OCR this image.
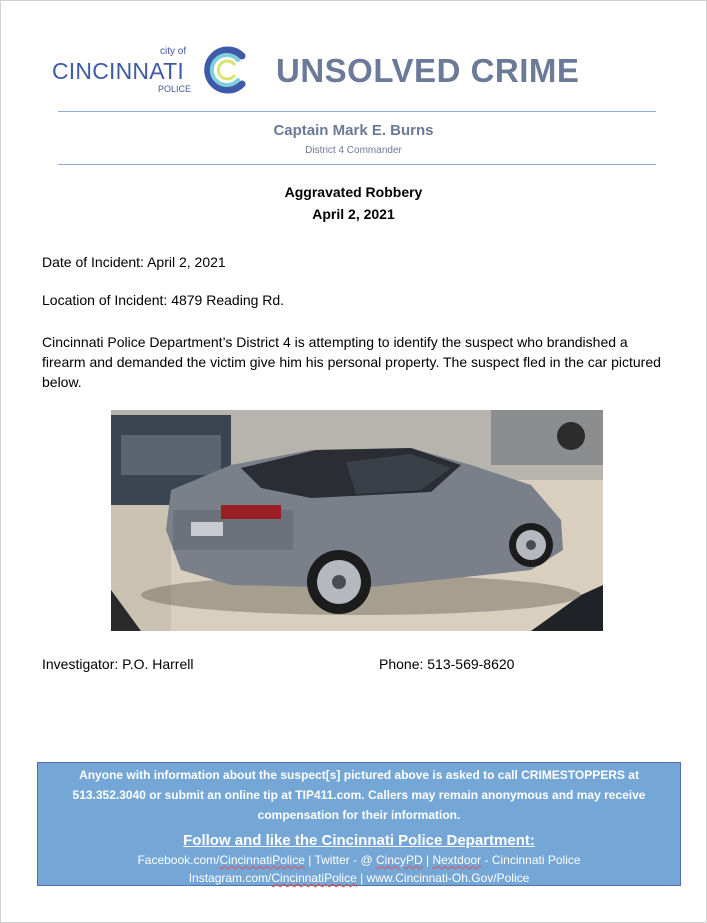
city of
CINCINNATI
POLICE	UNSOLVED CRIME
Captain Mark E. Burns
District 4 Commander
Aggravated Robbery
April 2, 2021
Date of Incident: April 2, 2021
Location of Incident: 4879 Reading Rd.
Cincinnati Police Department’s District 4 is attempting to identify the suspect who brandished a firearm and demanded the victim give him his personal property. The suspect fled in the car pictured below.
Investigator: P.O. Harrell	Phone: 513-569-8620
Anyone with information about the suspect[s] pictured above is asked to call CRIMESTOPPERS at
513.352.3040 or submit an online tip at TIP411.com. Callers may remain anonymous and may receive
compensation for their information.
Follow and like the Cincinnati Police Department:
Facebook.com/CincinnatiPolice | Twitter - @ CincyPD | Nextdoor - Cincinnati Police
Instagram.com/CincinnatiPolice | www.Cincinnati-Oh.Gov/Police
